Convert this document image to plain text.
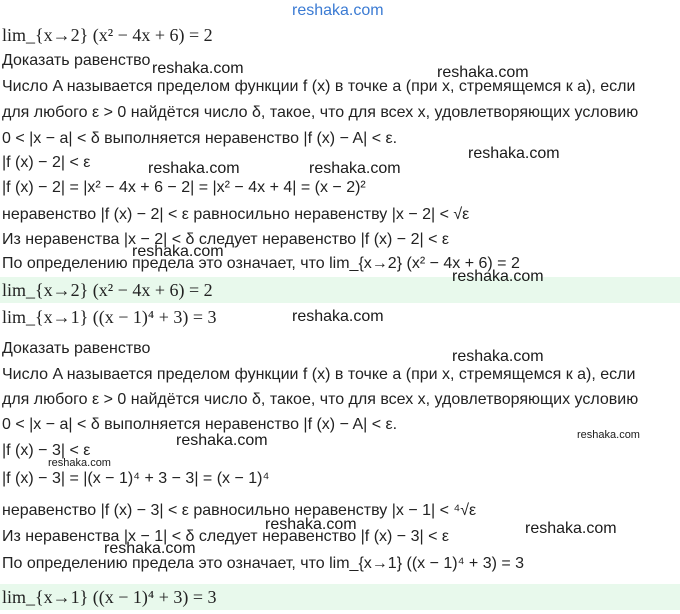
lim_{x→2} (x² − 4x + 6) = 2
Доказать равенство
Число A называется пределом функции f (x) в точке a (при x, стремящемся к a), если
для любого ε > 0 найдётся число δ, такое, что для всех x, удовлетворяющих условию
0 < |x − a| < δ выполняется неравенство |f (x) − A| < ε.
|f (x) − 2| < ε
|f (x) − 2| = |x² − 4x + 6 − 2| = |x² − 4x + 4| = (x − 2)²
неравенство |f (x) − 2| < ε равносильно неравенству |x − 2| < √ε
Из неравенства |x − 2| < δ следует неравенство |f (x) − 2| < ε
По определению предела это означает, что lim_{x→2} (x² − 4x + 6) = 2
lim_{x→2} (x² − 4x + 6) = 2
lim_{x→1} ((x − 1)⁴ + 3) = 3
Доказать равенство
Число A называется пределом функции f (x) в точке a (при x, стремящемся к a), если
для любого ε > 0 найдётся число δ, такое, что для всех x, удовлетворяющих условию
0 < |x − a| < δ выполняется неравенство |f (x) − A| < ε.
|f (x) − 3| < ε
|f (x) − 3| = |(x − 1)⁴ + 3 − 3| = (x − 1)⁴
неравенство |f (x) − 3| < ε равносильно неравенству |x − 1| < ⁴√ε
Из неравенства |x − 1| < δ следует неравенство |f (x) − 3| < ε
По определению предела это означает, что lim_{x→1} ((x − 1)⁴ + 3) = 3
lim_{x→1} ((x − 1)⁴ + 3) = 3
reshaka.com
reshaka.com	reshaka.com
reshaka.com
reshaka.com	reshaka.com
reshaka.com
reshaka.com
reshaka.com
reshaka.com
reshaka.com	reshaka.com
reshaka.com
reshaka.com	reshaka.com
reshaka.com
